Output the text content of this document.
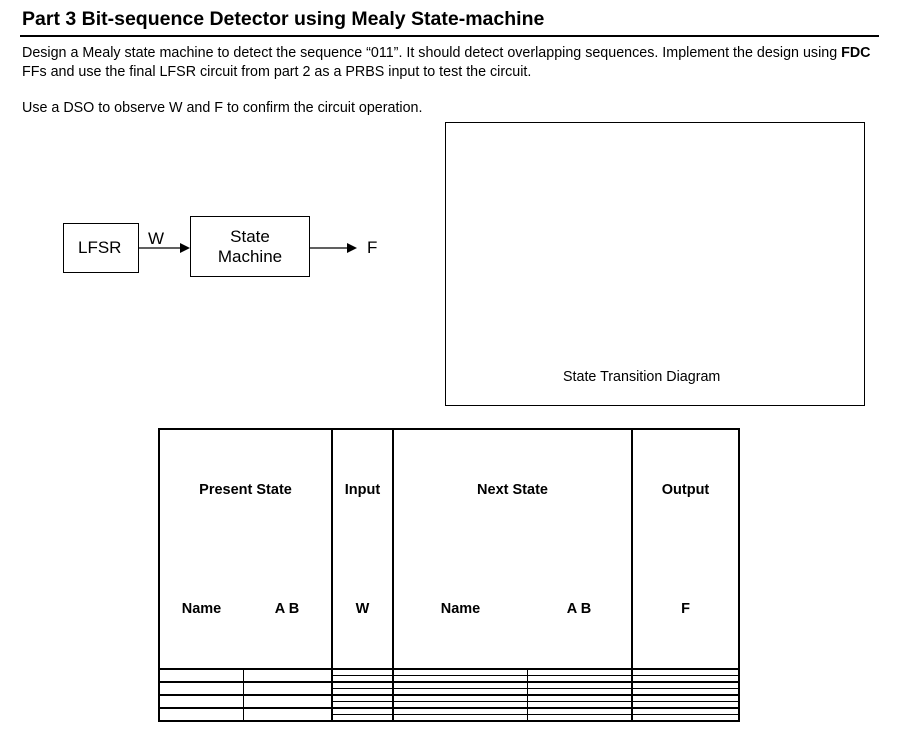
Part 3 Bit-sequence Detector using Mealy State-machine
Design a Mealy state machine to detect the sequence “011”. It should detect overlapping sequences. Implement the design using FDC FFs and use the final LFSR circuit from part 2 as a PRBS input to test the circuit.
Use a DSO to observe W and F to confirm the circuit operation.
LFSR W	State
Machine	F
State Transition Diagram
Present State		Input	Next State		Output
Name	A B	W	Name	A B	F
